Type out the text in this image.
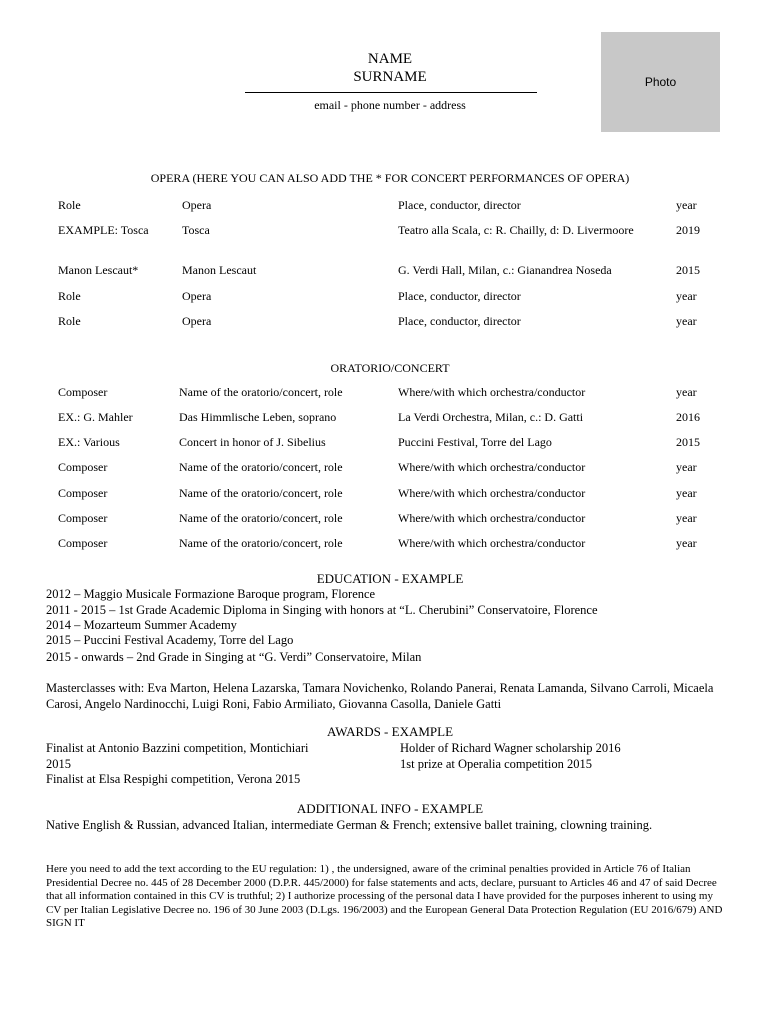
NAME
SURNAME
email - phone number - address
Photo
OPERA (HERE YOU CAN ALSO ADD THE * FOR CONCERT PERFORMANCES OF OPERA)
Role	Opera	Place, conductor, director	year
EXAMPLE: Tosca	Tosca	Teatro alla Scala, c: R. Chailly, d: D. Livermoore	2019
Manon Lescaut*	Manon Lescaut	G. Verdi Hall, Milan, c.: Gianandrea Noseda	2015
Role	Opera	Place, conductor, director	year
Role	Opera	Place, conductor, director	year
ORATORIO/CONCERT
Composer	Name of the oratorio/concert, role	Where/with which orchestra/conductor	year
EX.: G. Mahler	Das Himmlische Leben, soprano	La Verdi Orchestra, Milan, c.: D. Gatti	2016
EX.: Various	Concert in honor of J. Sibelius	Puccini Festival, Torre del Lago	2015
Composer	Name of the oratorio/concert, role	Where/with which orchestra/conductor	year
Composer	Name of the oratorio/concert, role	Where/with which orchestra/conductor	year
Composer	Name of the oratorio/concert, role	Where/with which orchestra/conductor	year
Composer	Name of the oratorio/concert, role	Where/with which orchestra/conductor	year
EDUCATION - EXAMPLE
2012 – Maggio Musicale Formazione Baroque program, Florence
2011 - 2015 – 1st Grade Academic Diploma in Singing with honors at “L. Cherubini” Conservatoire, Florence
2014 – Mozarteum Summer Academy
2015 – Puccini Festival Academy, Torre del Lago
2015 - onwards – 2nd Grade in Singing at “G. Verdi” Conservatoire, Milan
Masterclasses with: Eva Marton, Helena Lazarska, Tamara Novichenko, Rolando Panerai, Renata Lamanda, Silvano Carroli, Micaela Carosi, Angelo Nardinocchi, Luigi Roni, Fabio Armiliato, Giovanna Casolla, Daniele Gatti
AWARDS - EXAMPLE
Finalist at Antonio Bazzini competition, Montichiari
2015
Finalist at Elsa Respighi competition, Verona 2015
Holder of Richard Wagner scholarship 2016
1st prize at Operalia competition 2015
ADDITIONAL INFO - EXAMPLE
Native English & Russian, advanced Italian, intermediate German & French; extensive ballet training, clowning training.
Here you need to add the text according to the EU regulation: 1) , the undersigned, aware of the criminal penalties provided in Article 76 of Italian Presidential Decree no. 445 of 28 December 2000 (D.P.R. 445/2000) for false statements and acts, declare, pursuant to Articles 46 and 47 of said Decree that all information contained in this CV is truthful; 2) I authorize processing of the personal data I have provided for the purposes inherent to using my CV per Italian Legislative Decree no. 196 of 30 June 2003 (D.Lgs. 196/2003) and the European General Data Protection Regulation (EU 2016/679) AND SIGN IT
